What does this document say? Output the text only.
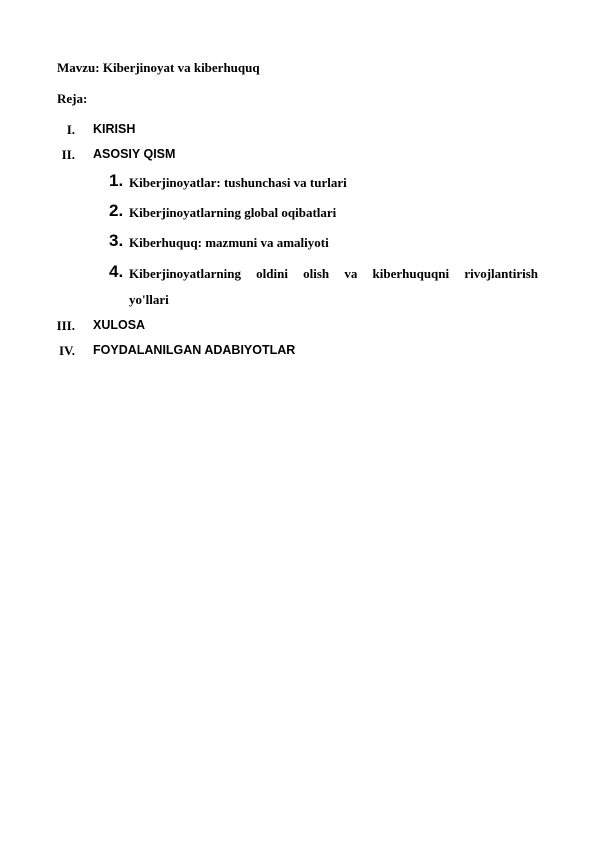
Mavzu: Kiberjinoyat va kiberhuquq
Reja:
I. KIRISH
II. ASOSIY QISM
1. Kiberjinoyatlar: tushunchasi va turlari
2. Kiberjinoyatlarning global oqibatlari
3. Kiberhuquq: mazmuni va amaliyoti
4. Kiberjinoyatlarning oldini olish va kiberhuquqni rivojlantirish
yo'llari
III. XULOSA
IV. FOYDALANILGAN ADABIYOTLAR
